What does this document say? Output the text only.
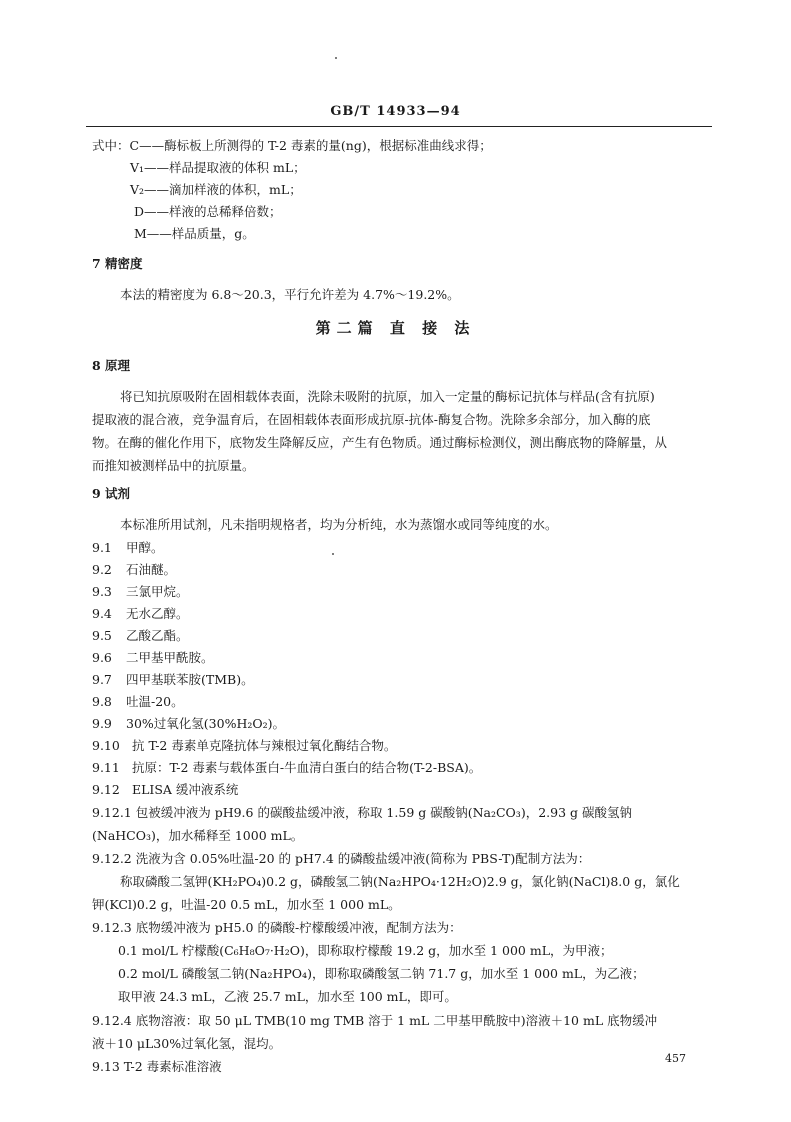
GB/T 14933—94
式中：C——酶标板上所测得的 T-2 毒素的量(ng)，根据标准曲线求得；
V₁——样品提取液的体积 mL；
V₂——滴加样液的体积，mL；
D——样液的总稀释倍数；
M——样品质量，g。
7 精密度
本法的精密度为 6.8～20.3，平行允许差为 4.7%～19.2%。
第二篇 直 接 法
8 原理
将已知抗原吸附在固相载体表面，洗除未吸附的抗原，加入一定量的酶标记抗体与样品(含有抗原)
提取液的混合液，竞争温育后，在固相载体表面形成抗原-抗体-酶复合物。洗除多余部分，加入酶的底
物。在酶的催化作用下，底物发生降解反应，产生有色物质。通过酶标检测仪，测出酶底物的降解量，从
而推知被测样品中的抗原量。
9 试剂
本标准所用试剂，凡未指明规格者，均为分析纯，水为蒸馏水或同等纯度的水。
9.1 甲醇。
9.2 石油醚。
9.3 三氯甲烷。
9.4 无水乙醇。
9.5 乙酸乙酯。
9.6 二甲基甲酰胺。
9.7 四甲基联苯胺(TMB)。
9.8 吐温-20。
9.9 30%过氧化氢(30%H₂O₂)。
9.10 抗 T-2 毒素单克隆抗体与辣根过氧化酶结合物。
9.11 抗原：T-2 毒素与载体蛋白-牛血清白蛋白的结合物(T-2-BSA)。
9.12 ELISA 缓冲液系统
9.12.1 包被缓冲液为 pH9.6 的碳酸盐缓冲液，称取 1.59 g 碳酸钠(Na₂CO₃)，2.93 g 碳酸氢钠
(NaHCO₃)，加水稀释至 1000 mL。
9.12.2 洗液为含 0.05%吐温-20 的 pH7.4 的磷酸盐缓冲液(简称为 PBS-T)配制方法为：
称取磷酸二氢钾(KH₂PO₄)0.2 g，磷酸氢二钠(Na₂HPO₄·12H₂O)2.9 g，氯化钠(NaCl)8.0 g，氯化
钾(KCl)0.2 g，吐温-20 0.5 mL，加水至 1 000 mL。
9.12.3 底物缓冲液为 pH5.0 的磷酸-柠檬酸缓冲液，配制方法为：
0.1 mol/L 柠檬酸(C₆H₈O₇·H₂O)，即称取柠檬酸 19.2 g，加水至 1 000 mL，为甲液；
0.2 mol/L 磷酸氢二钠(Na₂HPO₄)，即称取磷酸氢二钠 71.7 g，加水至 1 000 mL，为乙液；
取甲液 24.3 mL，乙液 25.7 mL，加水至 100 mL，即可。
9.12.4 底物溶液：取 50 μL TMB(10 mg TMB 溶于 1 mL 二甲基甲酰胺中)溶液＋10 mL 底物缓冲
液＋10 μL30%过氧化氢，混均。
9.13 T-2 毒素标准溶液
457
